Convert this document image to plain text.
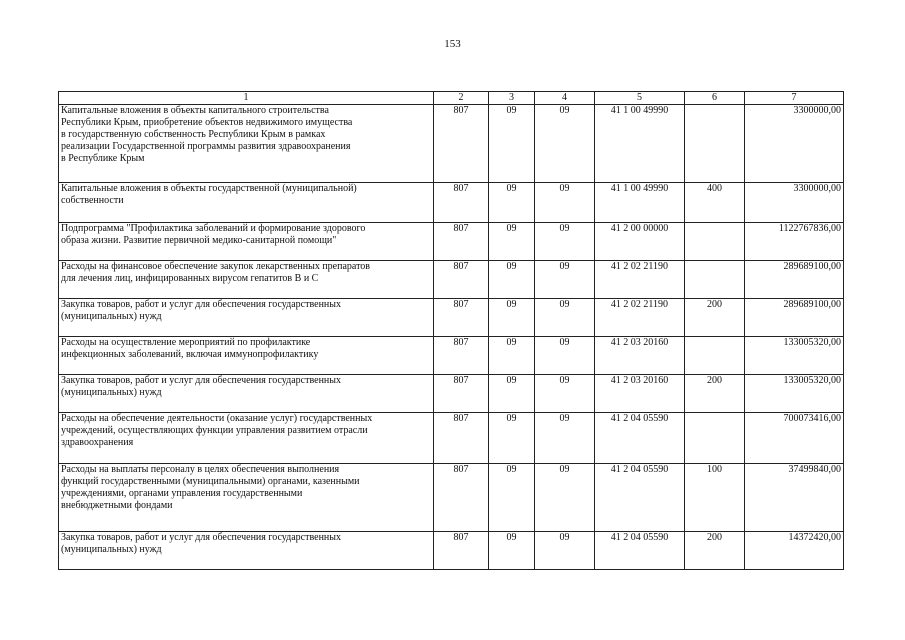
153
1	2	3	4	5	6	7
Капитальные вложения в объекты капитального строительства
Республики Крым, приобретение объектов недвижимого имущества
в государственную собственность Республики Крым в рамках
реализации Государственной программы развития здравоохранения
в Республике Крым	807	09	09	41 1 00 49990		3300000,00
Капитальные вложения в объекты государственной (муниципальной)
собственности	807	09	09	41 1 00 49990	400	3300000,00
Подпрограмма "Профилактика заболеваний и формирование здорового
образа жизни. Развитие первичной медико-санитарной помощи"	807	09	09	41 2 00 00000		1122767836,00
Расходы на финансовое обеспечение закупок лекарственных препаратов
для лечения лиц, инфицированных вирусом гепатитов В и С	807	09	09	41 2 02 21190		289689100,00
Закупка товаров, работ и услуг для обеспечения государственных
(муниципальных) нужд	807	09	09	41 2 02 21190	200	289689100,00
Расходы на осуществление мероприятий по профилактике
инфекционных заболеваний, включая иммунопрофилактику	807	09	09	41 2 03 20160		133005320,00
Закупка товаров, работ и услуг для обеспечения государственных
(муниципальных) нужд	807	09	09	41 2 03 20160	200	133005320,00
Расходы на обеспечение деятельности (оказание услуг) государственных
учреждений, осуществляющих функции управления развитием отрасли
здравоохранения	807	09	09	41 2 04 05590		700073416,00
Расходы на выплаты персоналу в целях обеспечения выполнения
функций государственными (муниципальными) органами, казенными
учреждениями, органами управления государственными
внебюджетными фондами	807	09	09	41 2 04 05590	100	37499840,00
Закупка товаров, работ и услуг для обеспечения государственных
(муниципальных) нужд	807	09	09	41 2 04 05590	200	14372420,00
